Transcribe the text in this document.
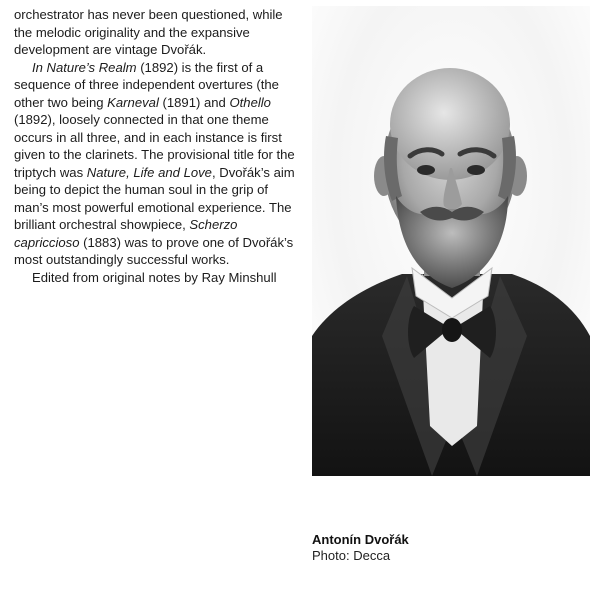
orchestrator has never been questioned, while the melodic originality and the expansive development are vintage Dvořák.

In Nature’s Realm (1892) is the first of a sequence of three independent overtures (the other two being Karneval (1891) and Othello (1892), loosely connected in that one theme occurs in all three, and in each instance is first given to the clarinets. The provisional title for the triptych was Nature, Life and Love, Dvořák’s aim being to depict the human soul in the grip of man’s most powerful emotional experience. The brilliant orchestral showpiece, Scherzo capriccioso (1883) was to prove one of Dvořák’s most outstandingly successful works.

Edited from original notes by Ray Minshull

Antonín Dvořák
Photo: Decca
